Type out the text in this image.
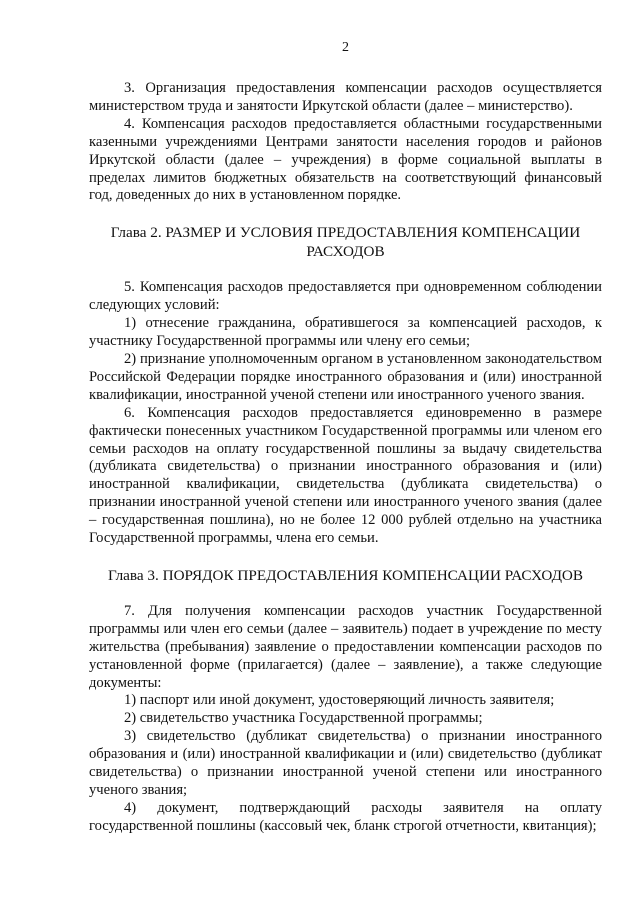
2

3. Организация предоставления компенсации расходов осуществляется министерством труда и занятости Иркутской области (далее – министерство).

4. Компенсация расходов предоставляется областными государственными казенными учреждениями Центрами занятости населения городов и районов Иркутской области (далее – учреждения) в форме социальной выплаты в пределах лимитов бюджетных обязательств на соответствующий финансовый год, доведенных до них в установленном порядке.

Глава 2. РАЗМЕР И УСЛОВИЯ ПРЕДОСТАВЛЕНИЯ КОМПЕНСАЦИИ РАСХОДОВ

5. Компенсация расходов предоставляется при одновременном соблюдении следующих условий:

1) отнесение гражданина, обратившегося за компенсацией расходов, к участнику Государственной программы или члену его семьи;

2) признание уполномоченным органом в установленном законодательством Российской Федерации порядке иностранного образования и (или) иностранной квалификации, иностранной ученой степени или иностранного ученого звания.

6. Компенсация расходов предоставляется единовременно в размере фактически понесенных участником Государственной программы или членом его семьи расходов на оплату государственной пошлины за выдачу свидетельства (дубликата свидетельства) о признании иностранного образования и (или) иностранной квалификации, свидетельства (дубликата свидетельства) о признании иностранной ученой степени или иностранного ученого звания (далее – государственная пошлина), но не более 12 000 рублей отдельно на участника Государственной программы, члена его семьи.

Глава 3. ПОРЯДОК ПРЕДОСТАВЛЕНИЯ КОМПЕНСАЦИИ РАСХОДОВ

7. Для получения компенсации расходов участник Государственной программы или член его семьи (далее – заявитель) подает в учреждение по месту жительства (пребывания) заявление о предоставлении компенсации расходов по установленной форме (прилагается) (далее – заявление), а также следующие документы:

1) паспорт или иной документ, удостоверяющий личность заявителя;

2) свидетельство участника Государственной программы;

3) свидетельство (дубликат свидетельства) о признании иностранного образования и (или) иностранной квалификации и (или) свидетельство (дубликат свидетельства) о признании иностранной ученой степени или иностранного ученого звания;

4) документ, подтверждающий расходы заявителя на оплату государственной пошлины (кассовый чек, бланк строгой отчетности, квитанция);
